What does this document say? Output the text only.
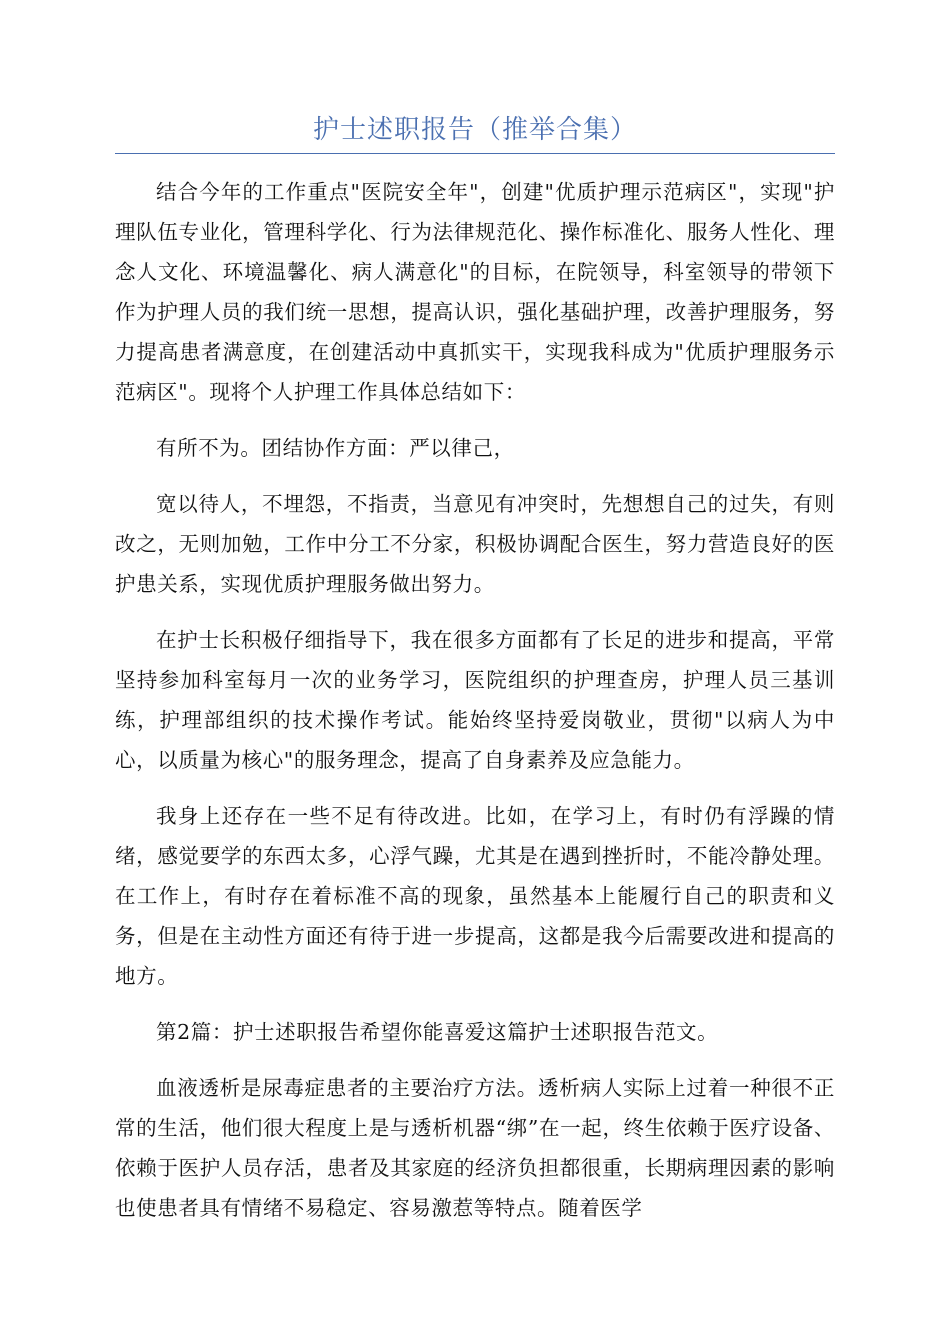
护士述职报告（推举合集）

结合今年的工作重点"医院安全年"，创建"优质护理示范病区"，实现"护理队伍专业化，管理科学化、行为法律规范化、操作标准化、服务人性化、理念人文化、环境温馨化、病人满意化"的目标，在院领导，科室领导的带领下作为护理人员的我们统一思想，提高认识，强化基础护理，改善护理服务，努力提高患者满意度，在创建活动中真抓实干，实现我科成为"优质护理服务示范病区"。现将个人护理工作具体总结如下：

有所不为。团结协作方面：严以律己，

宽以待人，不埋怨，不指责，当意见有冲突时，先想想自己的过失，有则改之，无则加勉，工作中分工不分家，积极协调配合医生，努力营造良好的医护患关系，实现优质护理服务做出努力。

在护士长积极仔细指导下，我在很多方面都有了长足的进步和提高，平常坚持参加科室每月一次的业务学习，医院组织的护理查房，护理人员三基训练，护理部组织的技术操作考试。能始终坚持爱岗敬业，贯彻"以病人为中心，以质量为核心"的服务理念，提高了自身素养及应急能力。

我身上还存在一些不足有待改进。比如，在学习上，有时仍有浮躁的情绪，感觉要学的东西太多，心浮气躁，尤其是在遇到挫折时，不能冷静处理。在工作上，有时存在着标准不高的现象，虽然基本上能履行自己的职责和义务，但是在主动性方面还有待于进一步提高，这都是我今后需要改进和提高的地方。

第2篇：护士述职报告希望你能喜爱这篇护士述职报告范文。

血液透析是尿毒症患者的主要治疗方法。透析病人实际上过着一种很不正常的生活，他们很大程度上是与透析机器“绑”在一起，终生依赖于医疗设备、依赖于医护人员存活，患者及其家庭的经济负担都很重，长期病理因素的影响也使患者具有情绪不易稳定、容易激惹等特点。随着医学
